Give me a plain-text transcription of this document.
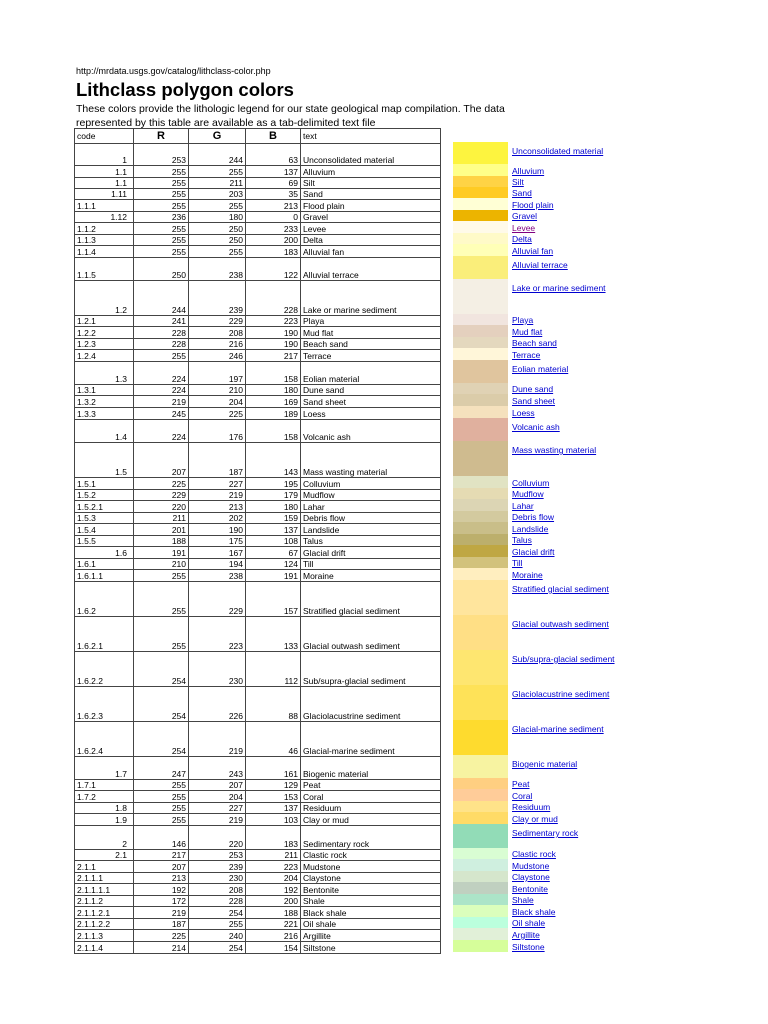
http://mrdata.usgs.gov/catalog/lithclass-color.php
Lithclass polygon colors
These colors provide the lithologic legend for our state geological map compilation. The data represented by this table are available as a tab-delimited text file
code	R	G	B	text
1	253	244	63	Unconsolidated material
1.1	255	255	137	Alluvium
1.1	255	211	69	Silt
1.11	255	203	35	Sand
1.1.1	255	255	213	Flood plain
1.12	236	180	0	Gravel
1.1.2	255	250	233	Levee
1.1.3	255	250	200	Delta
1.1.4	255	255	183	Alluvial fan
1.1.5	250	238	122	Alluvial terrace
1.2	244	239	228	Lake or marine sediment
1.2.1	241	229	223	Playa
1.2.2	228	208	190	Mud flat
1.2.3	228	216	190	Beach sand
1.2.4	255	246	217	Terrace
1.3	224	197	158	Eolian material
1.3.1	224	210	180	Dune sand
1.3.2	219	204	169	Sand sheet
1.3.3	245	225	189	Loess
1.4	224	176	158	Volcanic ash
1.5	207	187	143	Mass wasting material
1.5.1	225	227	195	Colluvium
1.5.2	229	219	179	Mudflow
1.5.2.1	220	213	180	Lahar
1.5.3	211	202	159	Debris flow
1.5.4	201	190	137	Landslide
1.5.5	188	175	108	Talus
1.6	191	167	67	Glacial drift
1.6.1	210	194	124	Till
1.6.1.1	255	238	191	Moraine
1.6.2	255	229	157	Stratified glacial sediment
1.6.2.1	255	223	133	Glacial outwash sediment
1.6.2.2	254	230	112	Sub/supra-glacial sediment
1.6.2.3	254	226	88	Glaciolacustrine sediment
1.6.2.4	254	219	46	Glacial-marine sediment
1.7	247	243	161	Biogenic material
1.7.1	255	207	129	Peat
1.7.2	255	204	153	Coral
1.8	255	227	137	Residuum
1.9	255	219	103	Clay or mud
2	146	220	183	Sedimentary rock
2.1	217	253	211	Clastic rock
2.1.1	207	239	223	Mudstone
2.1.1.1	213	230	204	Claystone
2.1.1.1.1	192	208	192	Bentonite
2.1.1.2	172	228	200	Shale
2.1.1.2.1	219	254	188	Black shale
2.1.1.2.2	187	255	221	Oil shale
2.1.1.3	225	240	216	Argillite
2.1.1.4	214	254	154	Siltstone
Unconsolidated material
Alluvium
Silt
Sand
Flood plain
Gravel
Levee
Delta
Alluvial fan
Alluvial terrace
Lake or marine sediment
Playa
Mud flat
Beach sand
Terrace
Eolian material
Dune sand
Sand sheet
Loess
Volcanic ash
Mass wasting material
Colluvium
Mudflow
Lahar
Debris flow
Landslide
Talus
Glacial drift
Till
Moraine
Stratified glacial sediment
Glacial outwash sediment
Sub/supra-glacial sediment
Glaciolacustrine sediment
Glacial-marine sediment
Biogenic material
Peat
Coral
Residuum
Clay or mud
Sedimentary rock
Clastic rock
Mudstone
Claystone
Bentonite
Shale
Black shale
Oil shale
Argillite
Siltstone
